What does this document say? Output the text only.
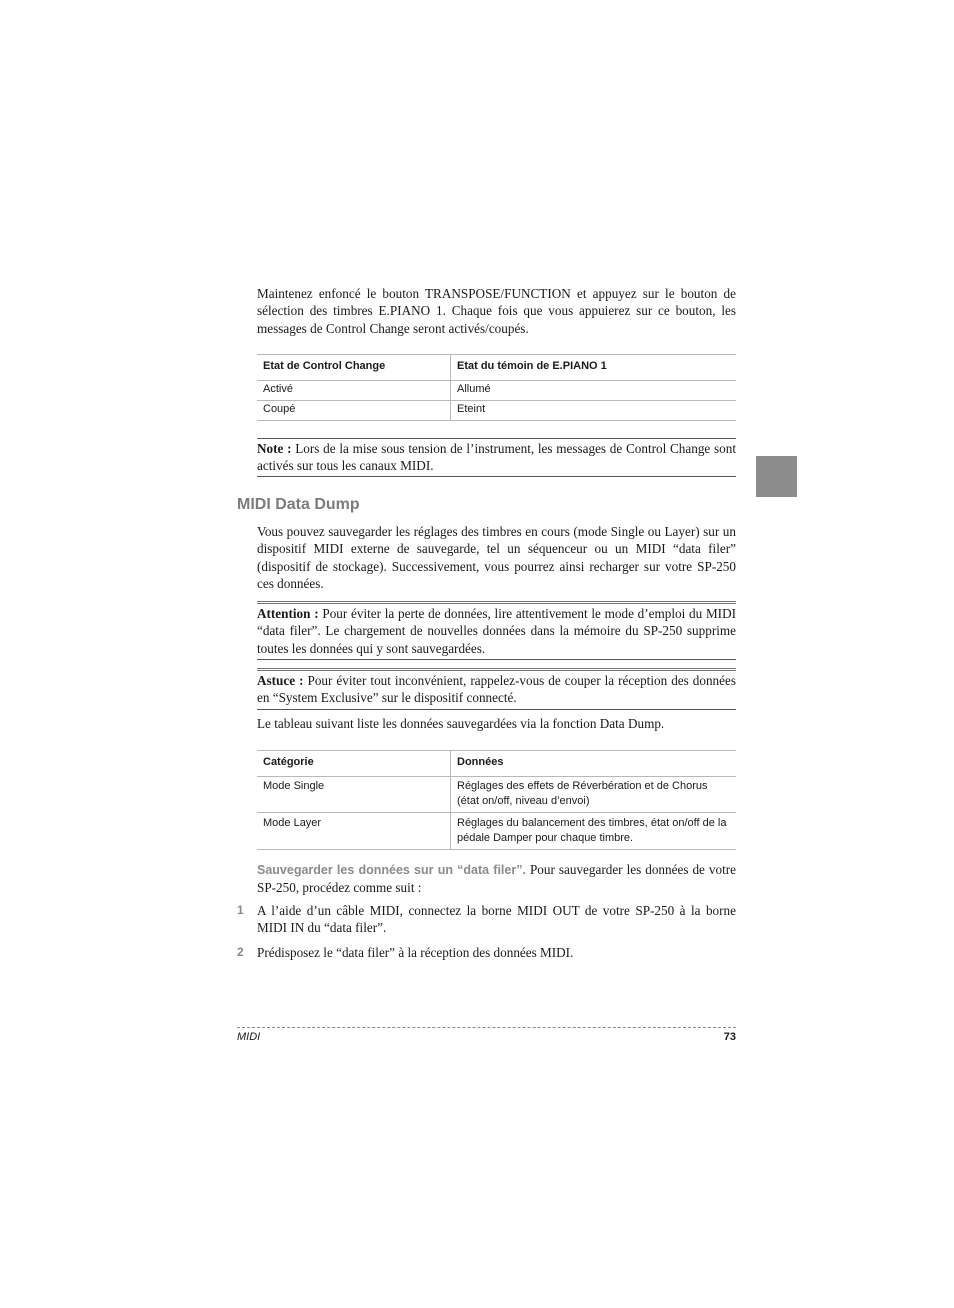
Maintenez enfoncé le bouton TRANSPOSE/FUNCTION et appuyez sur le bouton de sélection des timbres E.PIANO 1. Chaque fois que vous appuierez sur ce bouton, les messages de Control Change seront activés/coupés.
Etat de Control Change	Etat du témoin de E.PIANO 1
Activé	Allumé
Coupé	Eteint
Note : Lors de la mise sous tension de l’instrument, les messages de Control Change sont activés sur tous les canaux MIDI.
MIDI Data Dump
Vous pouvez sauvegarder les réglages des timbres en cours (mode Single ou Layer) sur un dispositif MIDI externe de sauvegarde, tel un séquenceur ou un MIDI “data filer” (dispositif de stockage). Successivement, vous pourrez ainsi recharger sur votre SP-250 ces données.
Attention : Pour éviter la perte de données, lire attentivement le mode d’emploi du MIDI “data filer”. Le chargement de nouvelles données dans la mémoire du SP-250 supprime toutes les données qui y sont sauvegardées.
Astuce : Pour éviter tout inconvénient, rappelez-vous de couper la réception des données en “System Exclusive” sur le dispositif connecté.
Le tableau suivant liste les données sauvegardées via la fonction Data Dump.
Catégorie	Données
Mode Single	Réglages des effets de Réverbération et de Chorus (état on/off, niveau d’envoi)
Mode Layer	Réglages du balancement des timbres, état on/off de la pédale Damper pour chaque timbre.
Sauvegarder les données sur un “data filer”. Pour sauvegarder les données de votre SP-250, procédez comme suit :
1 A l’aide d’un câble MIDI, connectez la borne MIDI OUT de votre SP-250 à la borne MIDI IN du “data filer”.
2 Prédisposez le “data filer” à la réception des données MIDI.
MIDI	73
